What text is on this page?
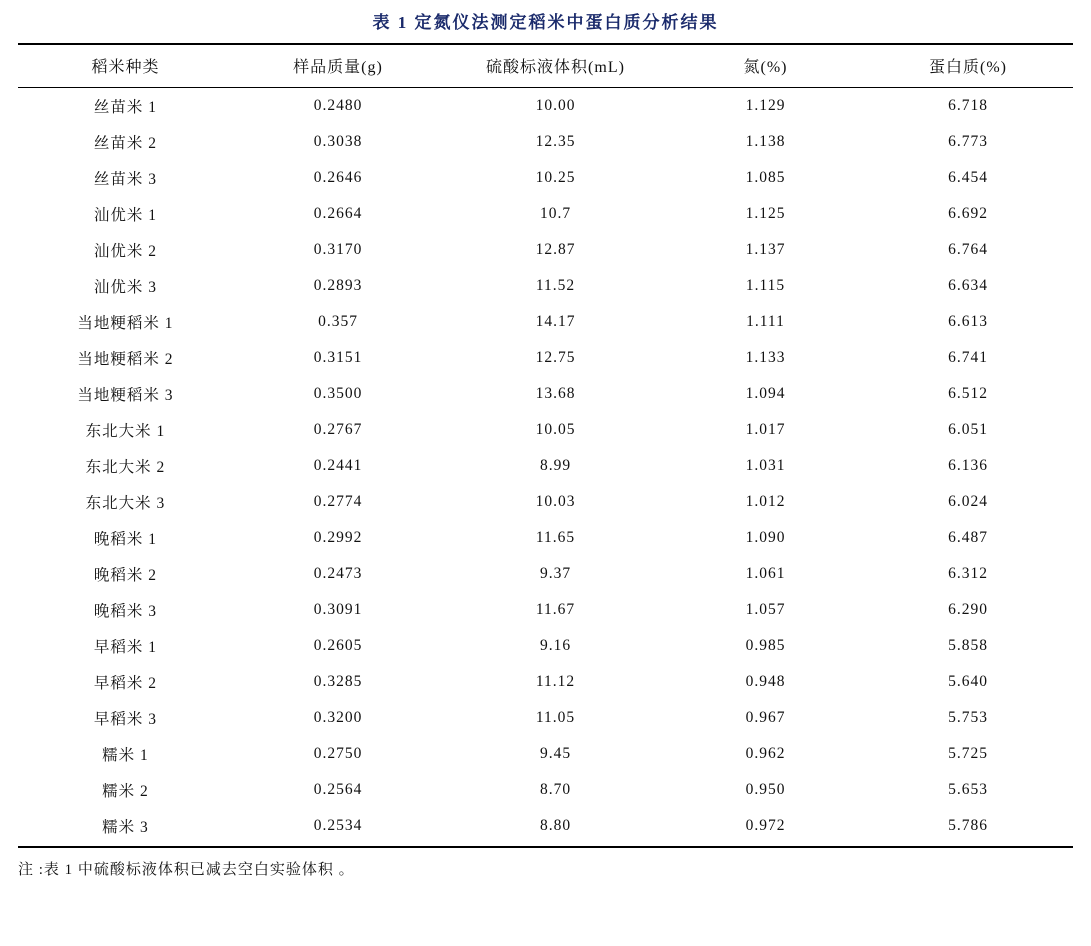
表 1 定氮仪法测定稻米中蛋白质分析结果
稻米种类	样品质量(g)	硫酸标液体积(mL)	氮(%)	蛋白质(%)
丝苗米 1	0.2480	10.00	1.129	6.718
丝苗米 2	0.3038	12.35	1.138	6.773
丝苗米 3	0.2646	10.25	1.085	6.454
汕优米 1	0.2664	10.7	1.125	6.692
汕优米 2	0.3170	12.87	1.137	6.764
汕优米 3	0.2893	11.52	1.115	6.634
当地粳稻米 1	0.357	14.17	1.111	6.613
当地粳稻米 2	0.3151	12.75	1.133	6.741
当地粳稻米 3	0.3500	13.68	1.094	6.512
东北大米 1	0.2767	10.05	1.017	6.051
东北大米 2	0.2441	8.99	1.031	6.136
东北大米 3	0.2774	10.03	1.012	6.024
晚稻米 1	0.2992	11.65	1.090	6.487
晚稻米 2	0.2473	9.37	1.061	6.312
晚稻米 3	0.3091	11.67	1.057	6.290
早稻米 1	0.2605	9.16	0.985	5.858
早稻米 2	0.3285	11.12	0.948	5.640
早稻米 3	0.3200	11.05	0.967	5.753
糯米 1	0.2750	9.45	0.962	5.725
糯米 2	0.2564	8.70	0.950	5.653
糯米 3	0.2534	8.80	0.972	5.786
注 :表 1 中硫酸标液体积已减去空白实验体积 。
